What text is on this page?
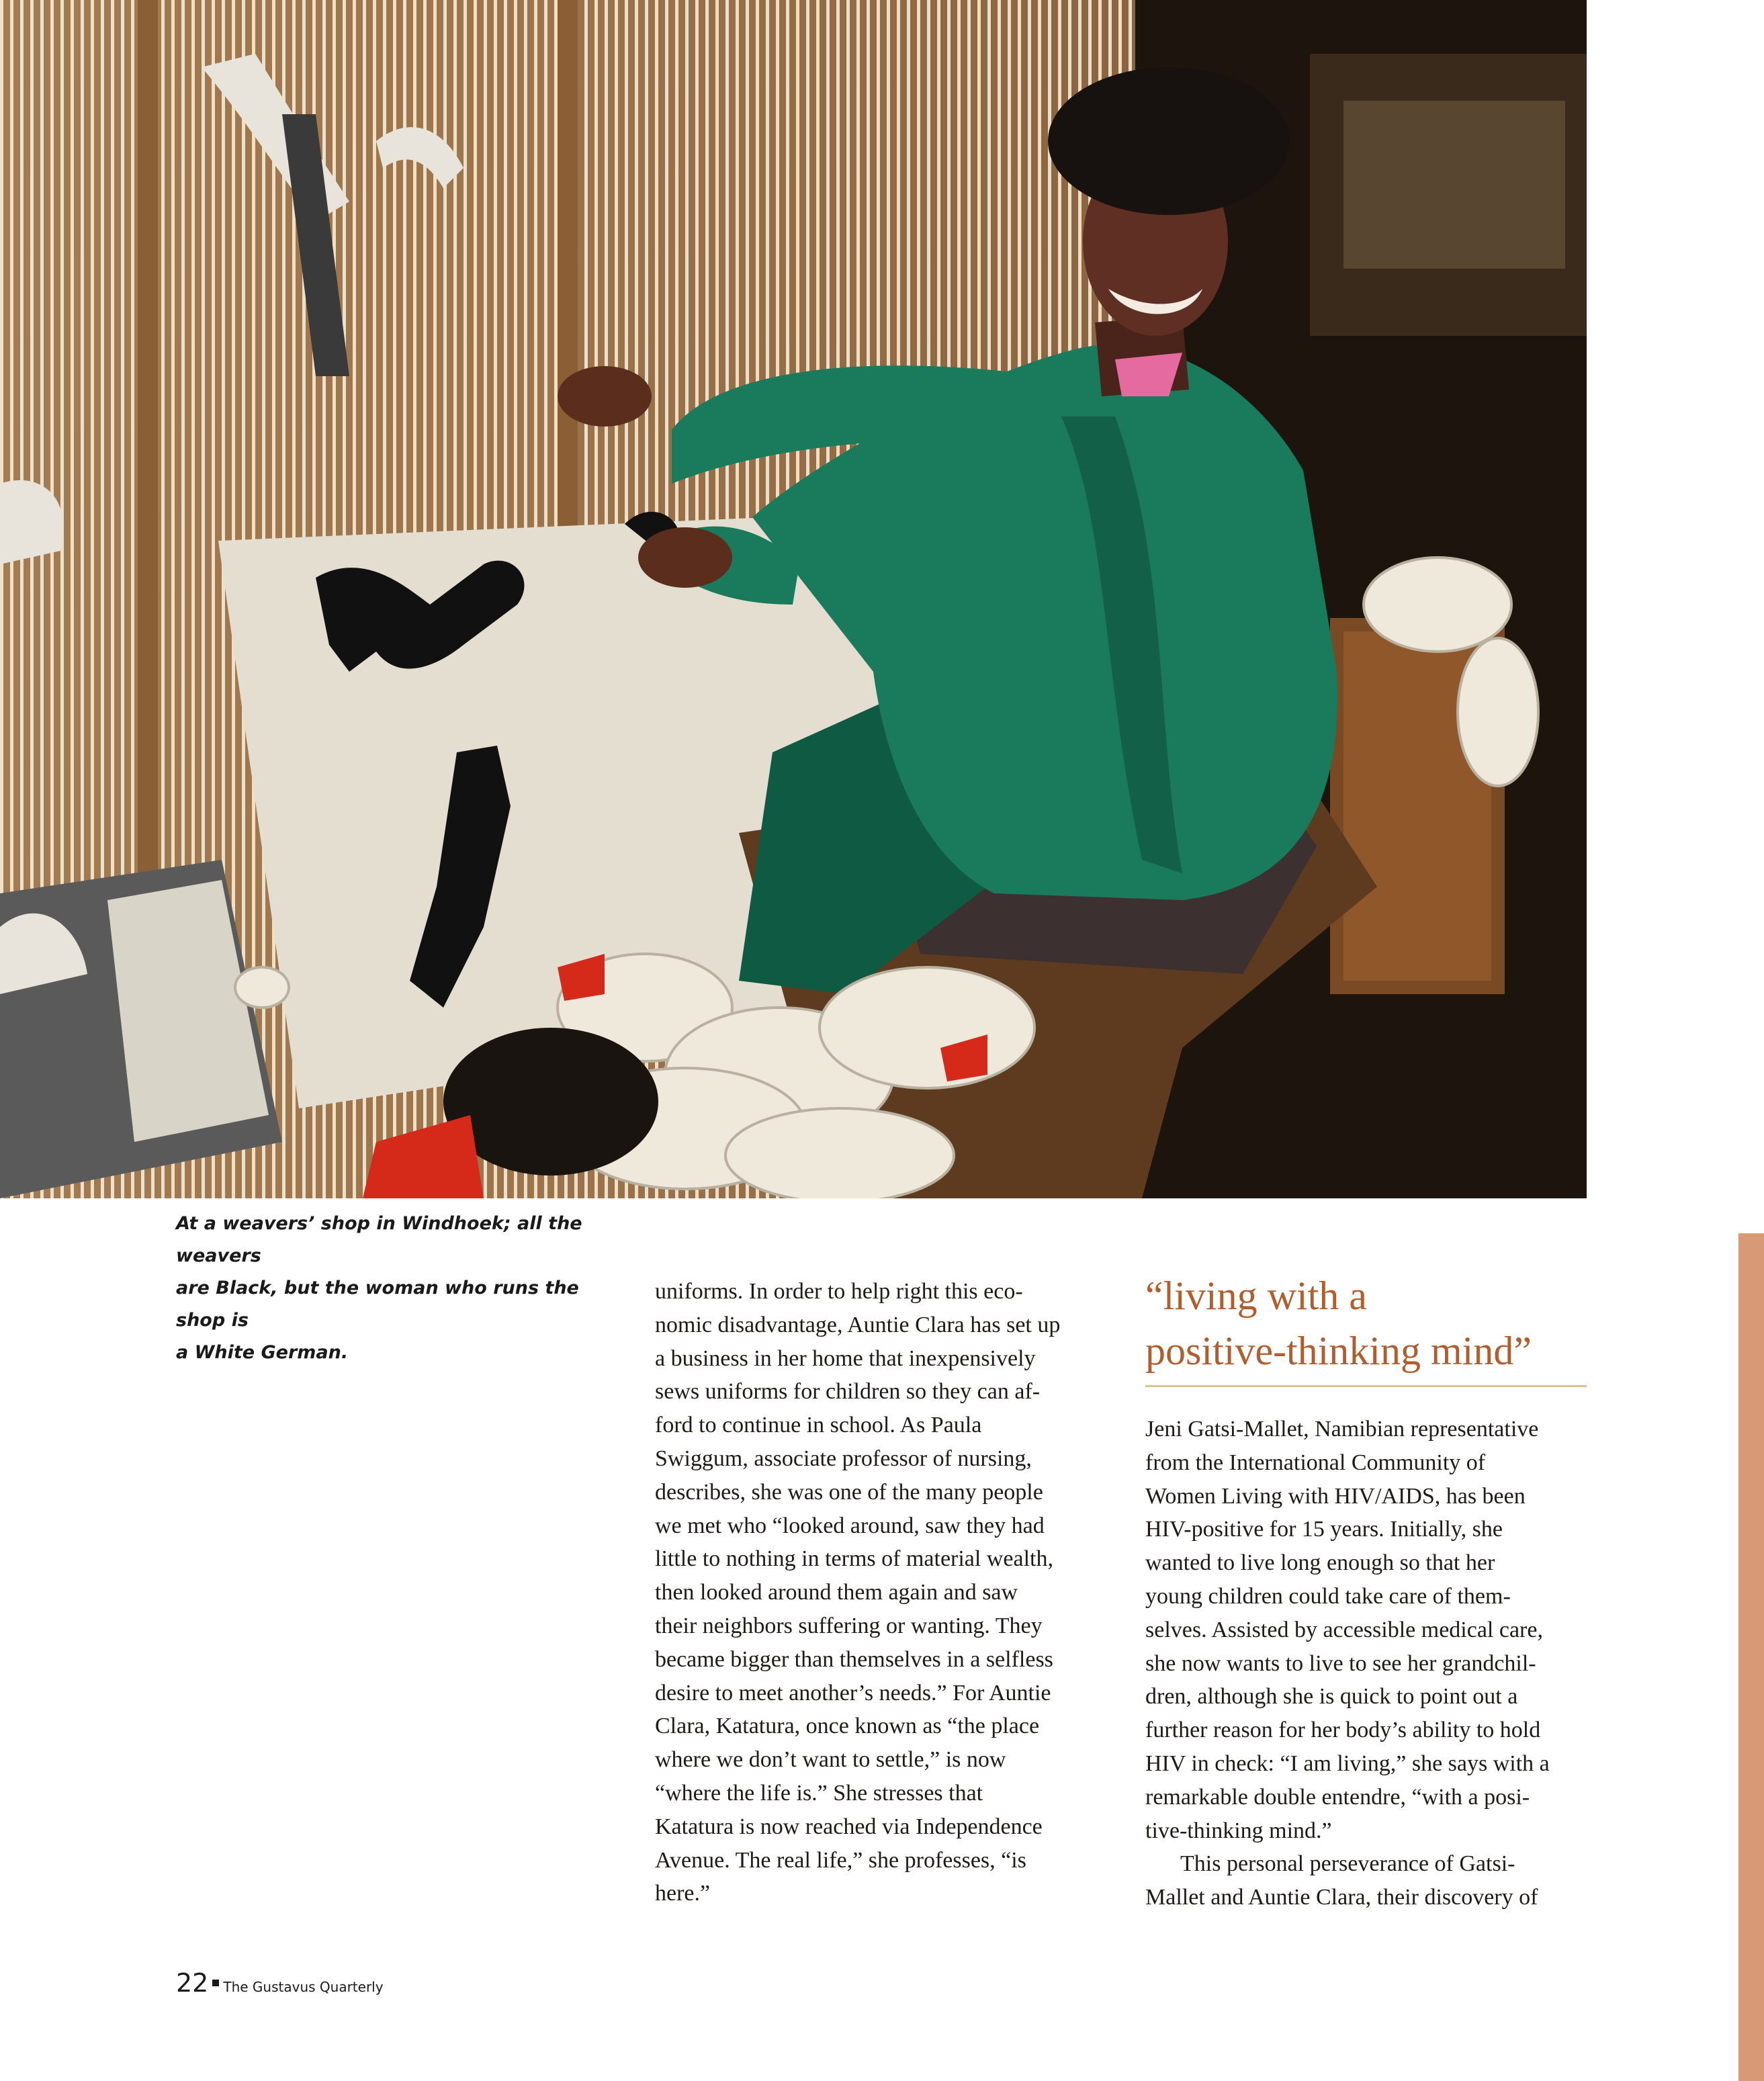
At a weavers’ shop in Windhoek; all the weavers
are Black, but the woman who runs the shop is
a White German.

uniforms. In order to help right this eco-
nomic disadvantage, Auntie Clara has set up
a business in her home that inexpensively
sews uniforms for children so they can af-
ford to continue in school. As Paula
Swiggum, associate professor of nursing,
describes, she was one of the many people
we met who “looked around, saw they had
little to nothing in terms of material wealth,
then looked around them again and saw
their neighbors suffering or wanting. They
became bigger than themselves in a selfless
desire to meet another’s needs.” For Auntie
Clara, Katatura, once known as “the place
where we don’t want to settle,” is now
“where the life is.” She stresses that
Katatura is now reached via Independence
Avenue. The real life,” she professes, “is
here.”

“living with a
positive-thinking mind”

Jeni Gatsi-Mallet, Namibian representative
from the International Community of
Women Living with HIV/AIDS, has been
HIV-positive for 15 years. Initially, she
wanted to live long enough so that her
young children could take care of them-
selves. Assisted by accessible medical care,
she now wants to live to see her grandchil-
dren, although she is quick to point out a
further reason for her body’s ability to hold
HIV in check: “I am living,” she says with a
remarkable double entendre, “with a posi-
tive-thinking mind.”

This personal perseverance of Gatsi-
Mallet and Auntie Clara, their discovery of

22 The Gustavus Quarterly
